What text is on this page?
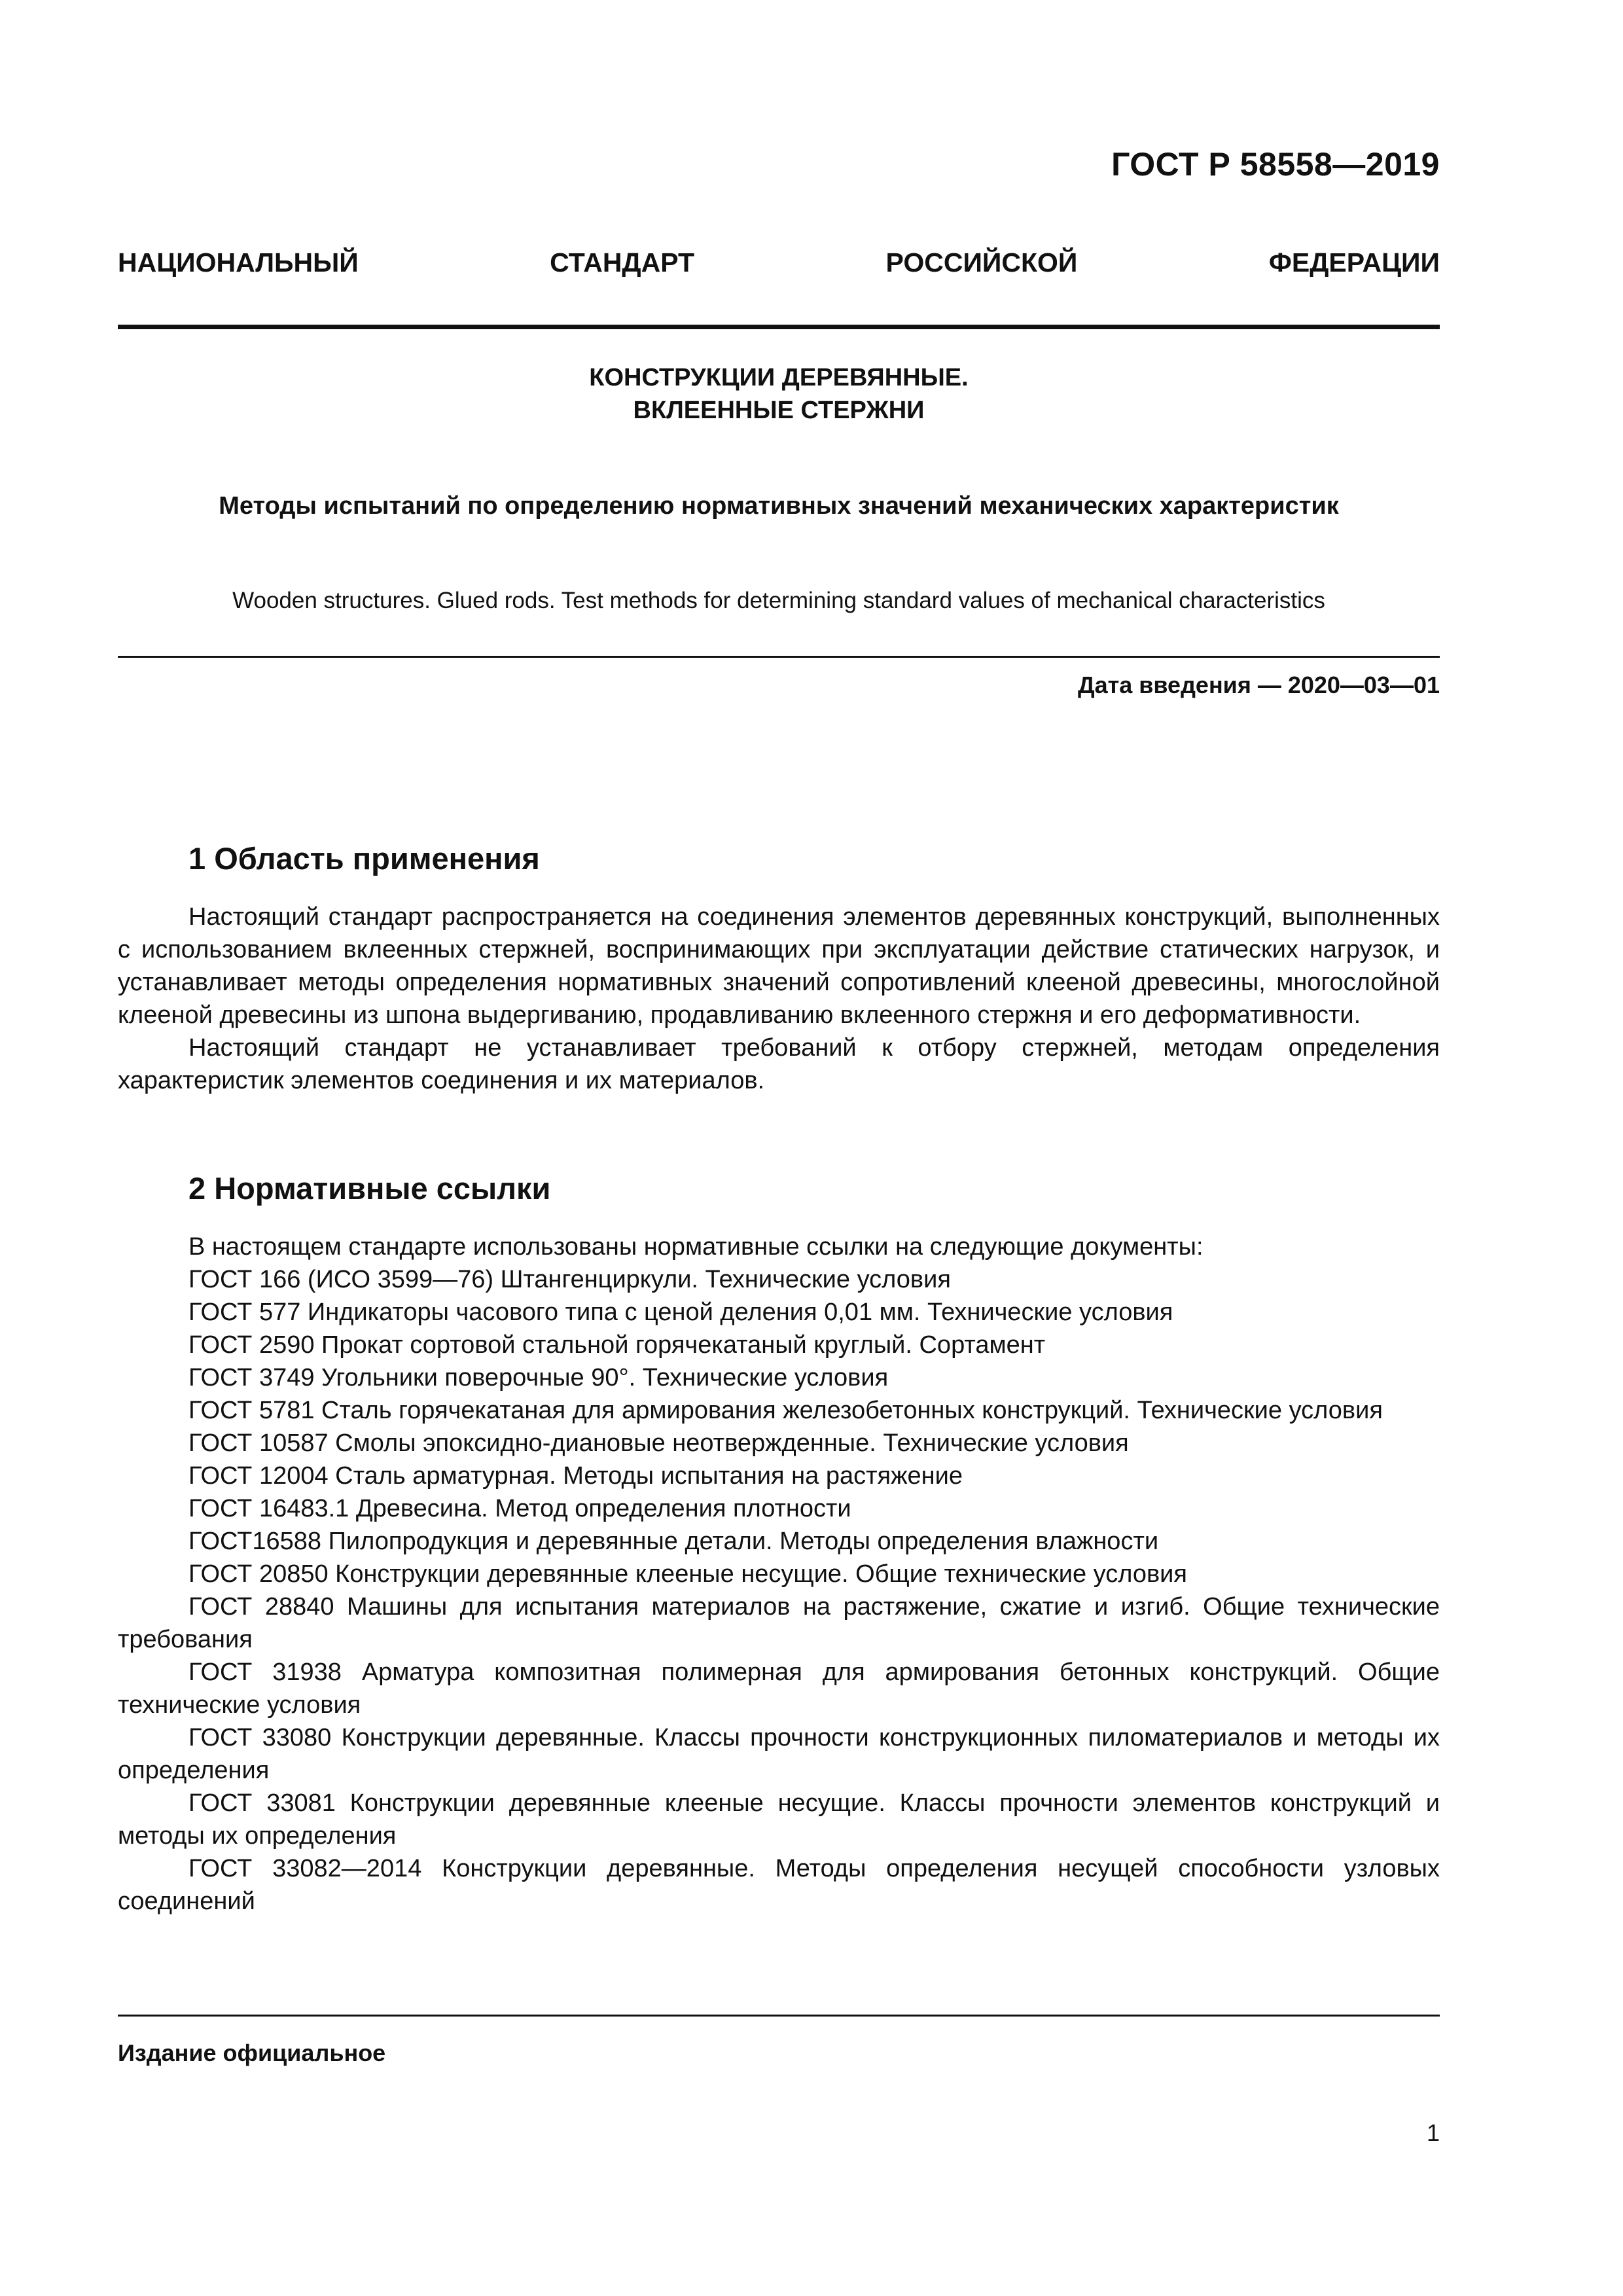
ГОСТ Р 58558—2019
НАЦИОНАЛЬНЫЙ СТАНДАРТ РОССИЙСКОЙ ФЕДЕРАЦИИ
КОНСТРУКЦИИ ДЕРЕВЯННЫЕ.
ВКЛЕЕННЫЕ СТЕРЖНИ
Методы испытаний по определению нормативных значений механических характеристик
Wooden structures. Glued rods. Test methods for determining standard values of mechanical characteristics
Дата введения — 2020—03—01
1 Область применения

Настоящий стандарт распространяется на соединения элементов деревянных конструкций, выполненных с использованием вклеенных стержней, воспринимающих при эксплуатации действие статических нагрузок, и устанавливает методы определения нормативных значений сопротивлений клееной древесины, многослойной клееной древесины из шпона выдергиванию, продавливанию вклеенного стержня и его деформативности.

Настоящий стандарт не устанавливает требований к отбору стержней, методам определения характеристик элементов соединения и их материалов.

2 Нормативные ссылки

В настоящем стандарте использованы нормативные ссылки на следующие документы:

ГОСТ 166 (ИСО 3599—76) Штангенциркули. Технические условия

ГОСТ 577 Индикаторы часового типа с ценой деления 0,01 мм. Технические условия

ГОСТ 2590 Прокат сортовой стальной горячекатаный круглый. Сортамент

ГОСТ 3749 Угольники поверочные 90°. Технические условия

ГОСТ 5781 Сталь горячекатаная для армирования железобетонных конструкций. Технические условия

ГОСТ 10587 Смолы эпоксидно-диановые неотвержденные. Технические условия

ГОСТ 12004 Сталь арматурная. Методы испытания на растяжение

ГОСТ 16483.1 Древесина. Метод определения плотности

ГОСТ16588 Пилопродукция и деревянные детали. Методы определения влажности

ГОСТ 20850 Конструкции деревянные клееные несущие. Общие технические условия

ГОСТ 28840 Машины для испытания материалов на растяжение, сжатие и изгиб. Общие технические требования

ГОСТ 31938 Арматура композитная полимерная для армирования бетонных конструкций. Общие технические условия

ГОСТ 33080 Конструкции деревянные. Классы прочности конструкционных пиломатериалов и методы их определения

ГОСТ 33081 Конструкции деревянные клееные несущие. Классы прочности элементов конструкций и методы их определения

ГОСТ 33082—2014 Конструкции деревянные. Методы определения несущей способности узловых соединений

Издание официальное
1
